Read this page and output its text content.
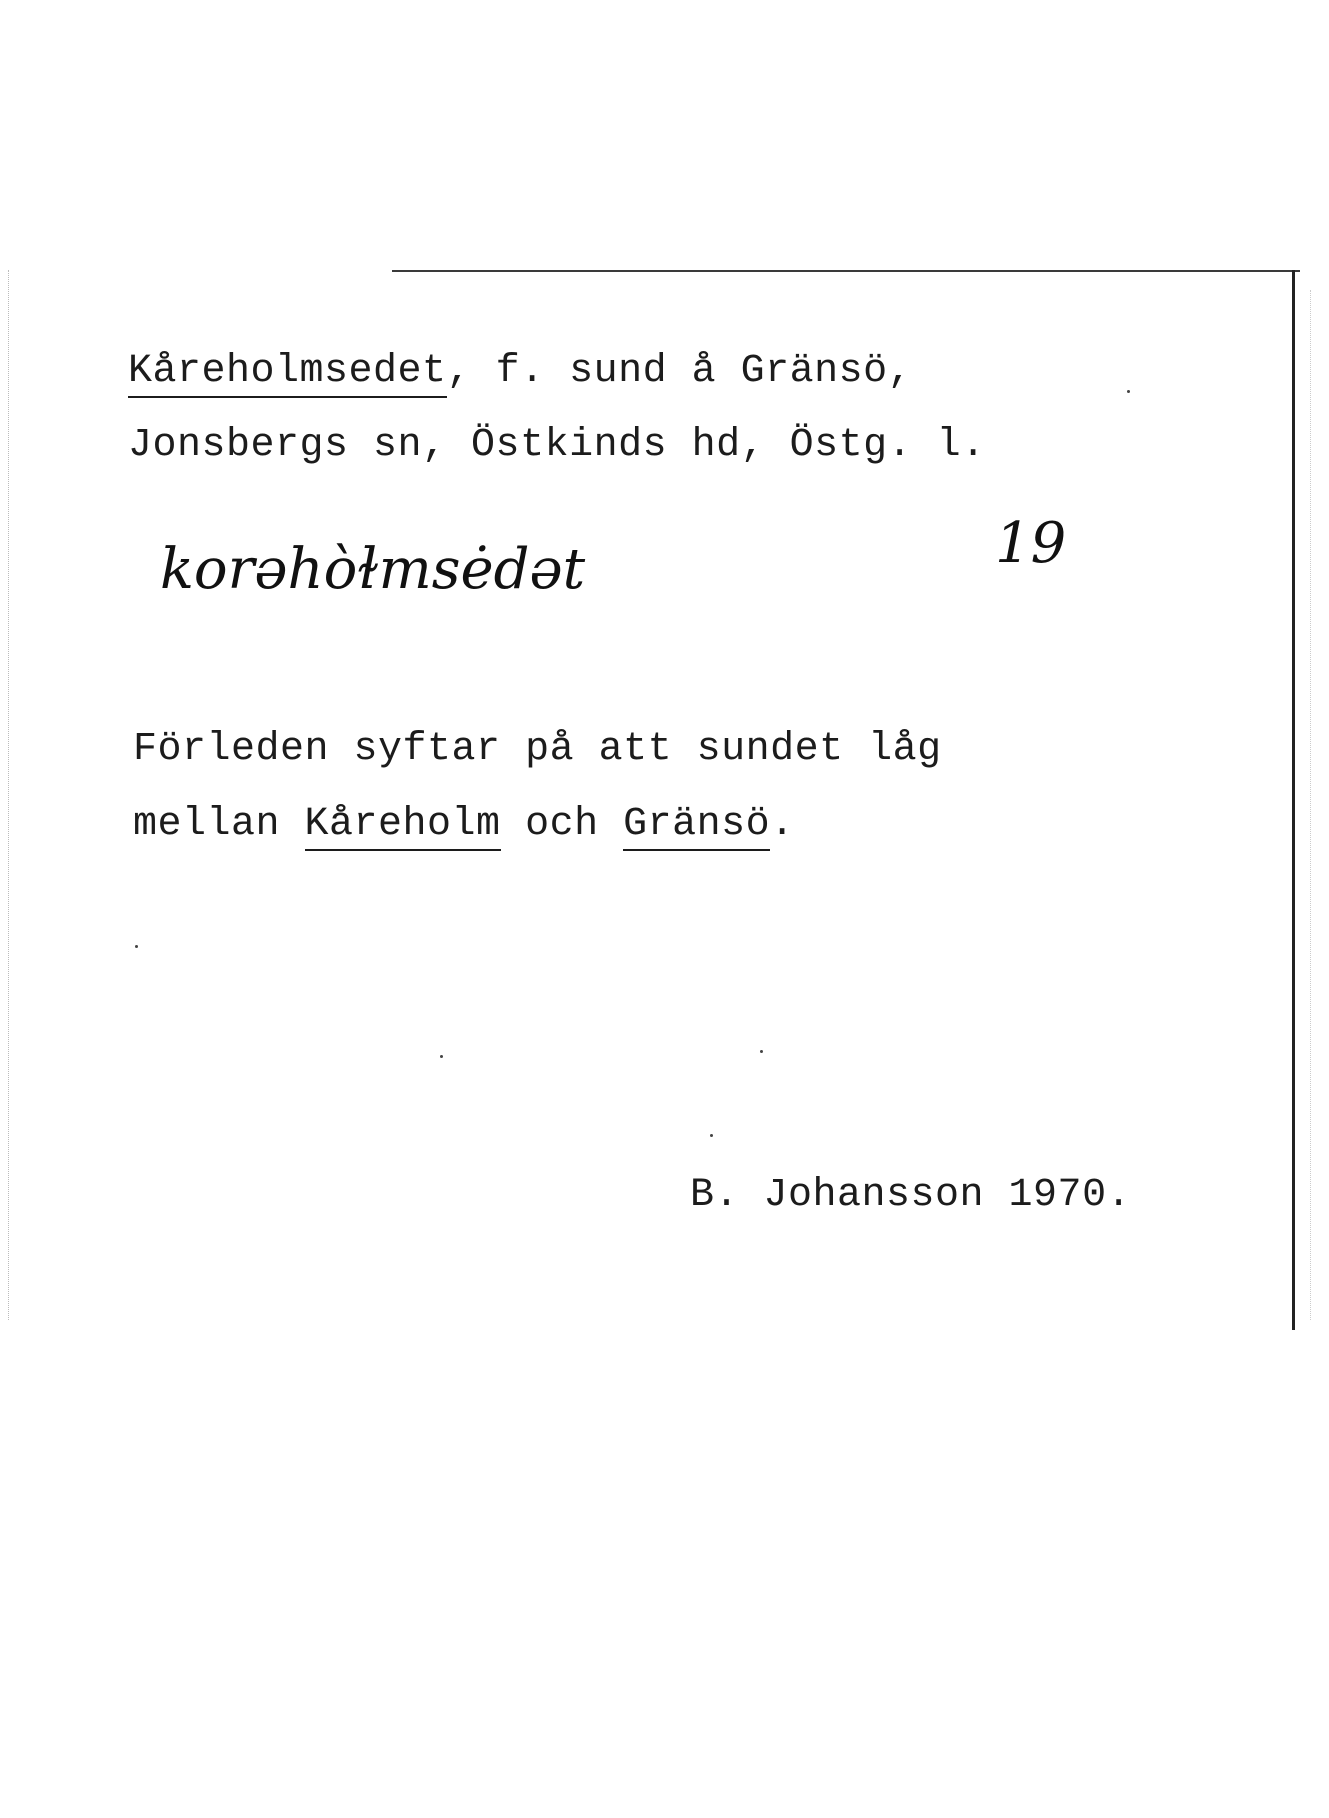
Kåreholmsedet, f. sund å Gränsö,
Jonsbergs sn, Östkinds hd, Östg. l.
korəhòɫmsėdət	19
Förleden syftar på att sundet låg
mellan Kåreholm och Gränsö.
B. Johansson 1970.
